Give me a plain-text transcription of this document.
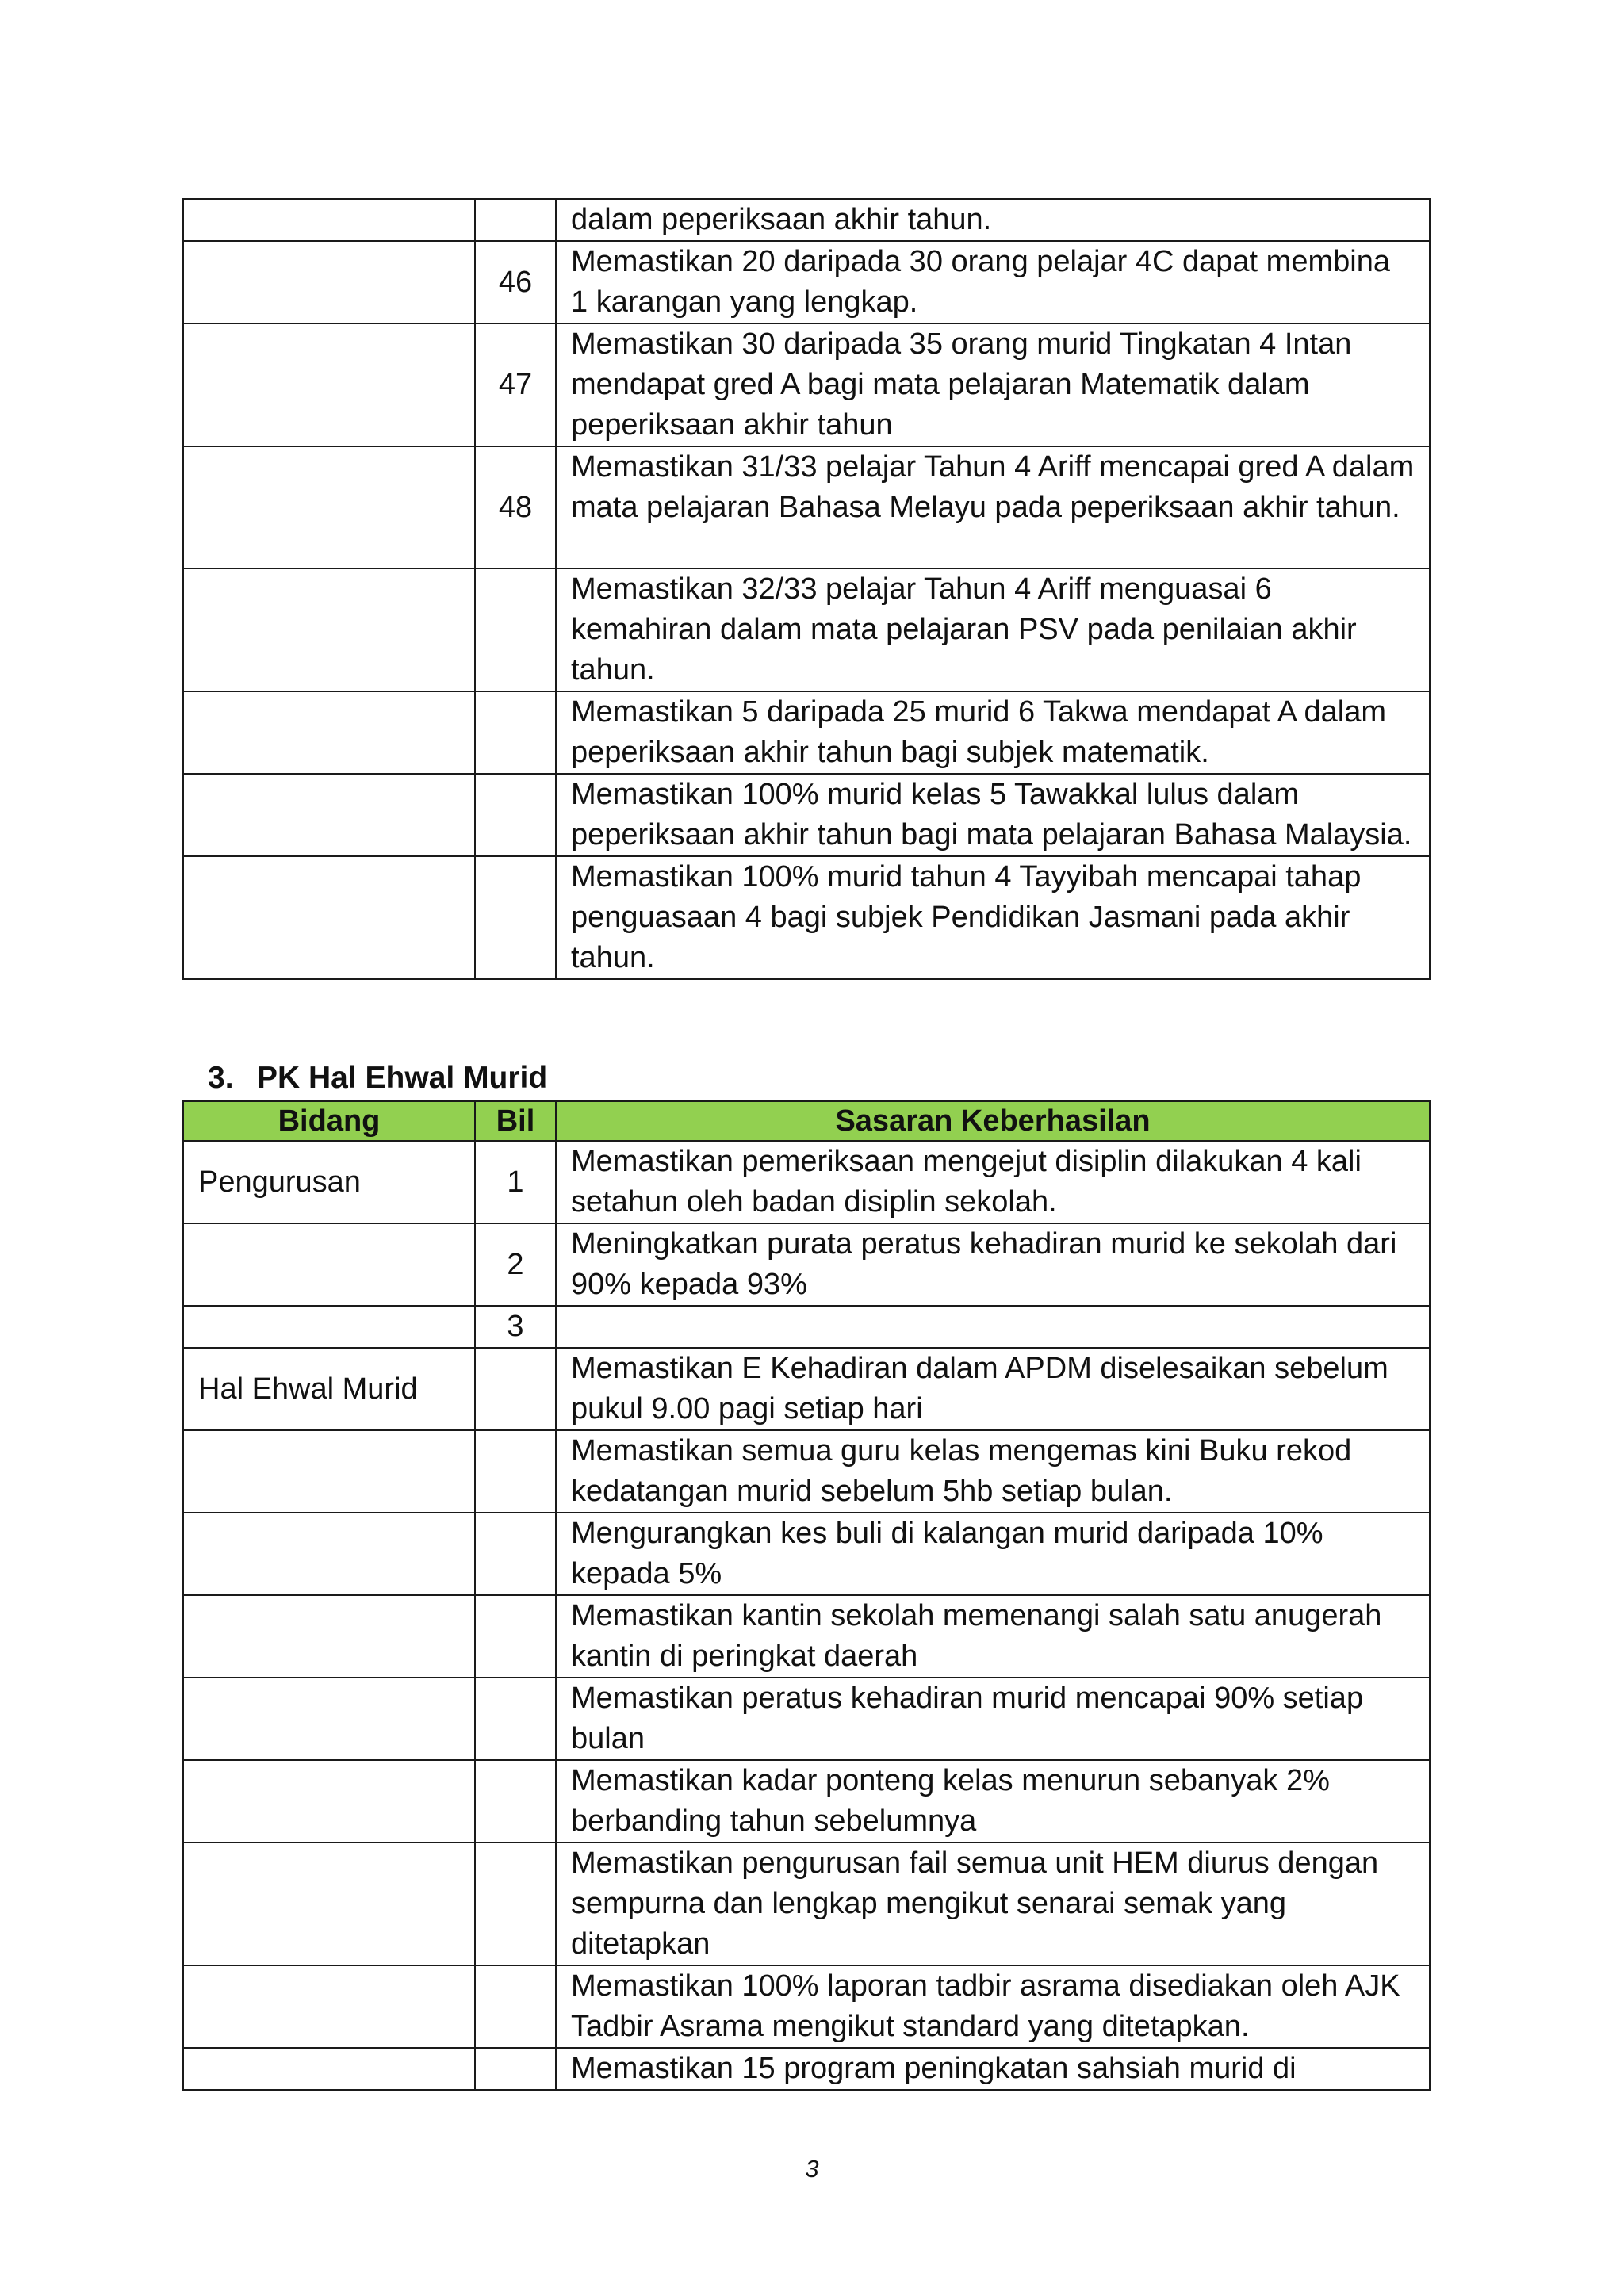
		dalam peperiksaan akhir tahun.
	46	Memastikan 20 daripada 30 orang pelajar 4C dapat membina 1 karangan yang lengkap.
	47	Memastikan 30 daripada 35 orang murid Tingkatan 4 Intan mendapat gred A bagi mata pelajaran Matematik dalam peperiksaan akhir tahun
	48	Memastikan 31/33 pelajar Tahun 4 Ariff mencapai gred A dalam mata pelajaran Bahasa Melayu pada peperiksaan akhir tahun.
		Memastikan 32/33 pelajar Tahun 4 Ariff menguasai 6 kemahiran dalam mata pelajaran PSV pada penilaian akhir tahun.
		Memastikan 5 daripada 25 murid 6 Takwa mendapat A dalam peperiksaan akhir tahun bagi subjek matematik.
		Memastikan 100% murid kelas 5 Tawakkal lulus dalam peperiksaan akhir tahun bagi mata pelajaran Bahasa Malaysia.
		Memastikan 100% murid tahun 4 Tayyibah mencapai tahap penguasaan 4 bagi subjek Pendidikan Jasmani pada akhir tahun.
3. PK Hal Ehwal Murid
Bidang	Bil	Sasaran Keberhasilan
Pengurusan	1	Memastikan pemeriksaan mengejut disiplin dilakukan 4 kali setahun oleh badan disiplin sekolah.
	2	Meningkatkan purata peratus kehadiran murid ke sekolah dari 90% kepada 93%
	3	
Hal Ehwal Murid		Memastikan E Kehadiran dalam APDM diselesaikan sebelum pukul 9.00 pagi setiap hari
		Memastikan semua guru kelas mengemas kini Buku rekod kedatangan murid sebelum 5hb setiap bulan.
		Mengurangkan kes buli di kalangan murid daripada 10% kepada 5%
		Memastikan kantin sekolah memenangi salah satu anugerah kantin di peringkat daerah
		Memastikan peratus kehadiran murid mencapai 90% setiap bulan
		Memastikan kadar ponteng kelas menurun sebanyak 2% berbanding tahun sebelumnya
		Memastikan pengurusan fail semua unit HEM diurus dengan sempurna dan lengkap mengikut senarai semak yang ditetapkan
		Memastikan 100% laporan tadbir asrama disediakan oleh AJK Tadbir Asrama mengikut standard yang ditetapkan.
		Memastikan 15 program peningkatan sahsiah murid di
3
